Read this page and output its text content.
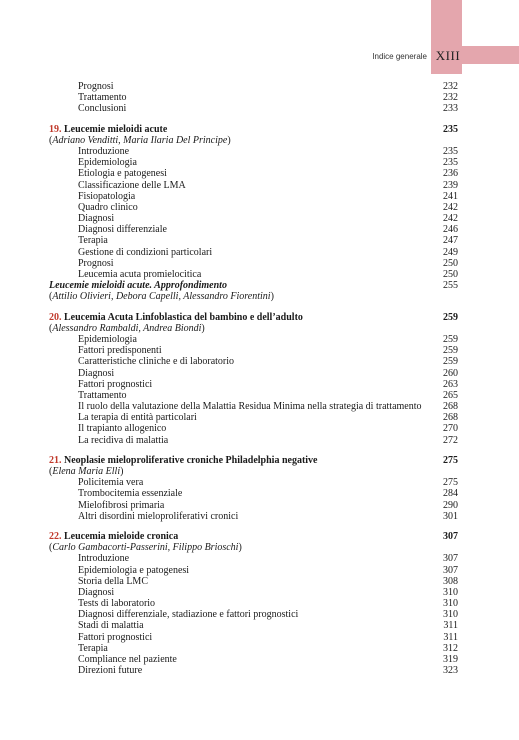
Indice generale XIII
Prognosi	232
Trattamento	232
Conclusioni	233
19. Leucemie mieloidi acute	235
(Adriano Venditti, Maria Ilaria Del Principe)
Introduzione	235
Epidemiologia	235
Etiologia e patogenesi	236
Classificazione delle LMA	239
Fisiopatologia	241
Quadro clinico	242
Diagnosi	242
Diagnosi differenziale	246
Terapia	247
Gestione di condizioni particolari	249
Prognosi	250
Leucemia acuta promielocitica	250
Leucemie mieloidi acute. Approfondimento	255
(Attilio Olivieri, Debora Capelli, Alessandro Fiorentini)
20. Leucemia Acuta Linfoblastica del bambino e dell’adulto	259
(Alessandro Rambaldi, Andrea Biondi)
Epidemiologia	259
Fattori predisponenti	259
Caratteristiche cliniche e di laboratorio	259
Diagnosi	260
Fattori prognostici	263
Trattamento	265
Il ruolo della valutazione della Malattia Residua Minima nella strategia di trattamento 268
La terapia di entità particolari	268
Il trapianto allogenico	270
La recidiva di malattia	272
21. Neoplasie mieloproliferative croniche Philadelphia negative	275
(Elena Maria Elli)
Policitemia vera	275
Trombocitemia essenziale	284
Mielofibrosi primaria	290
Altri disordini mieloproliferativi cronici	301
22. Leucemia mieloide cronica	307
(Carlo Gambacorti-Passerini, Filippo Brioschi)
Introduzione	307
Epidemiologia e patogenesi	307
Storia della LMC	308
Diagnosi	310
Tests di laboratorio	310
Diagnosi differenziale, stadiazione e fattori prognostici	310
Stadi di malattia	311
Fattori prognostici	311
Terapia	312
Compliance nel paziente	319
Direzioni future	323
